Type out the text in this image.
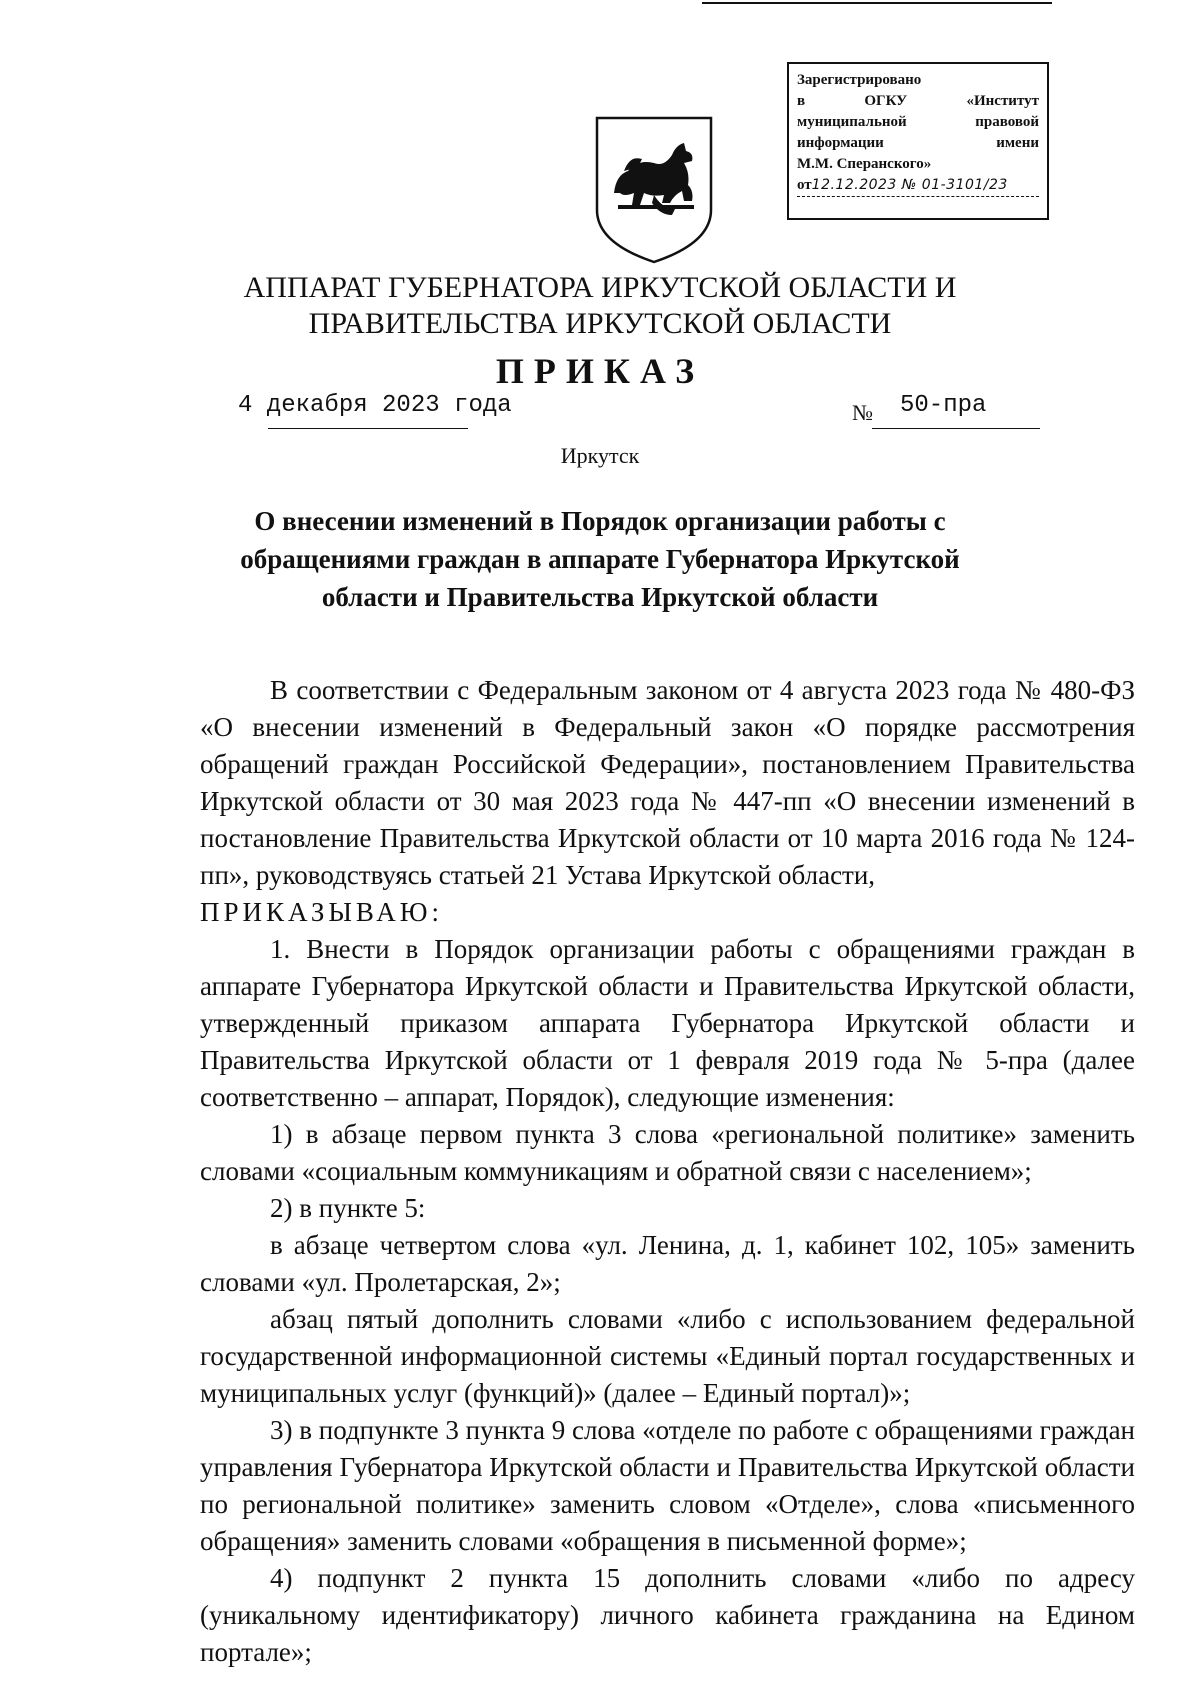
Зарегистрировано
в ОГКУ «Институт
муниципальной правовой
информации имени
М.М. Сперанского»
от12.12.2023 № 01-3101/23
АППАРАТ ГУБЕРНАТОРА ИРКУТСКОЙ ОБЛАСТИ И
ПРАВИТЕЛЬСТВА ИРКУТСКОЙ ОБЛАСТИ
ПРИКАЗ
4 декабря 2023 года	№ 50-пра
Иркутск
О внесении изменений в Порядок организации работы с обращениями граждан в аппарате Губернатора Иркутской области и Правительства Иркутской области

В соответствии с Федеральным законом от 4 августа 2023 года № 480-ФЗ «О внесении изменений в Федеральный закон «О порядке рассмотрения обращений граждан Российской Федерации», постановлением Правительства Иркутской области от 30 мая 2023 года № 447-пп «О внесении изменений в постановление Правительства Иркутской области от 10 марта 2016 года № 124-пп», руководствуясь статьей 21 Устава Иркутской области,

ПРИКАЗЫВАЮ:

1. Внести в Порядок организации работы с обращениями граждан в аппарате Губернатора Иркутской области и Правительства Иркутской области, утвержденный приказом аппарата Губернатора Иркутской области и Правительства Иркутской области от 1 февраля 2019 года № 5-пра (далее соответственно – аппарат, Порядок), следующие изменения:

1) в абзаце первом пункта 3 слова «региональной политике» заменить словами «социальным коммуникациям и обратной связи с населением»;

2) в пункте 5:

в абзаце четвертом слова «ул. Ленина, д. 1, кабинет 102, 105» заменить словами «ул. Пролетарская, 2»;

абзац пятый дополнить словами «либо с использованием федеральной государственной информационной системы «Единый портал государственных и муниципальных услуг (функций)» (далее – Единый портал)»;

3) в подпункте 3 пункта 9 слова «отделе по работе с обращениями граждан управления Губернатора Иркутской области и Правительства Иркутской области по региональной политике» заменить словом «Отделе», слова «письменного обращения» заменить словами «обращения в письменной форме»;

4) подпункт 2 пункта 15 дополнить словами «либо по адресу (уникальному идентификатору) личного кабинета гражданина на Едином портале»;
